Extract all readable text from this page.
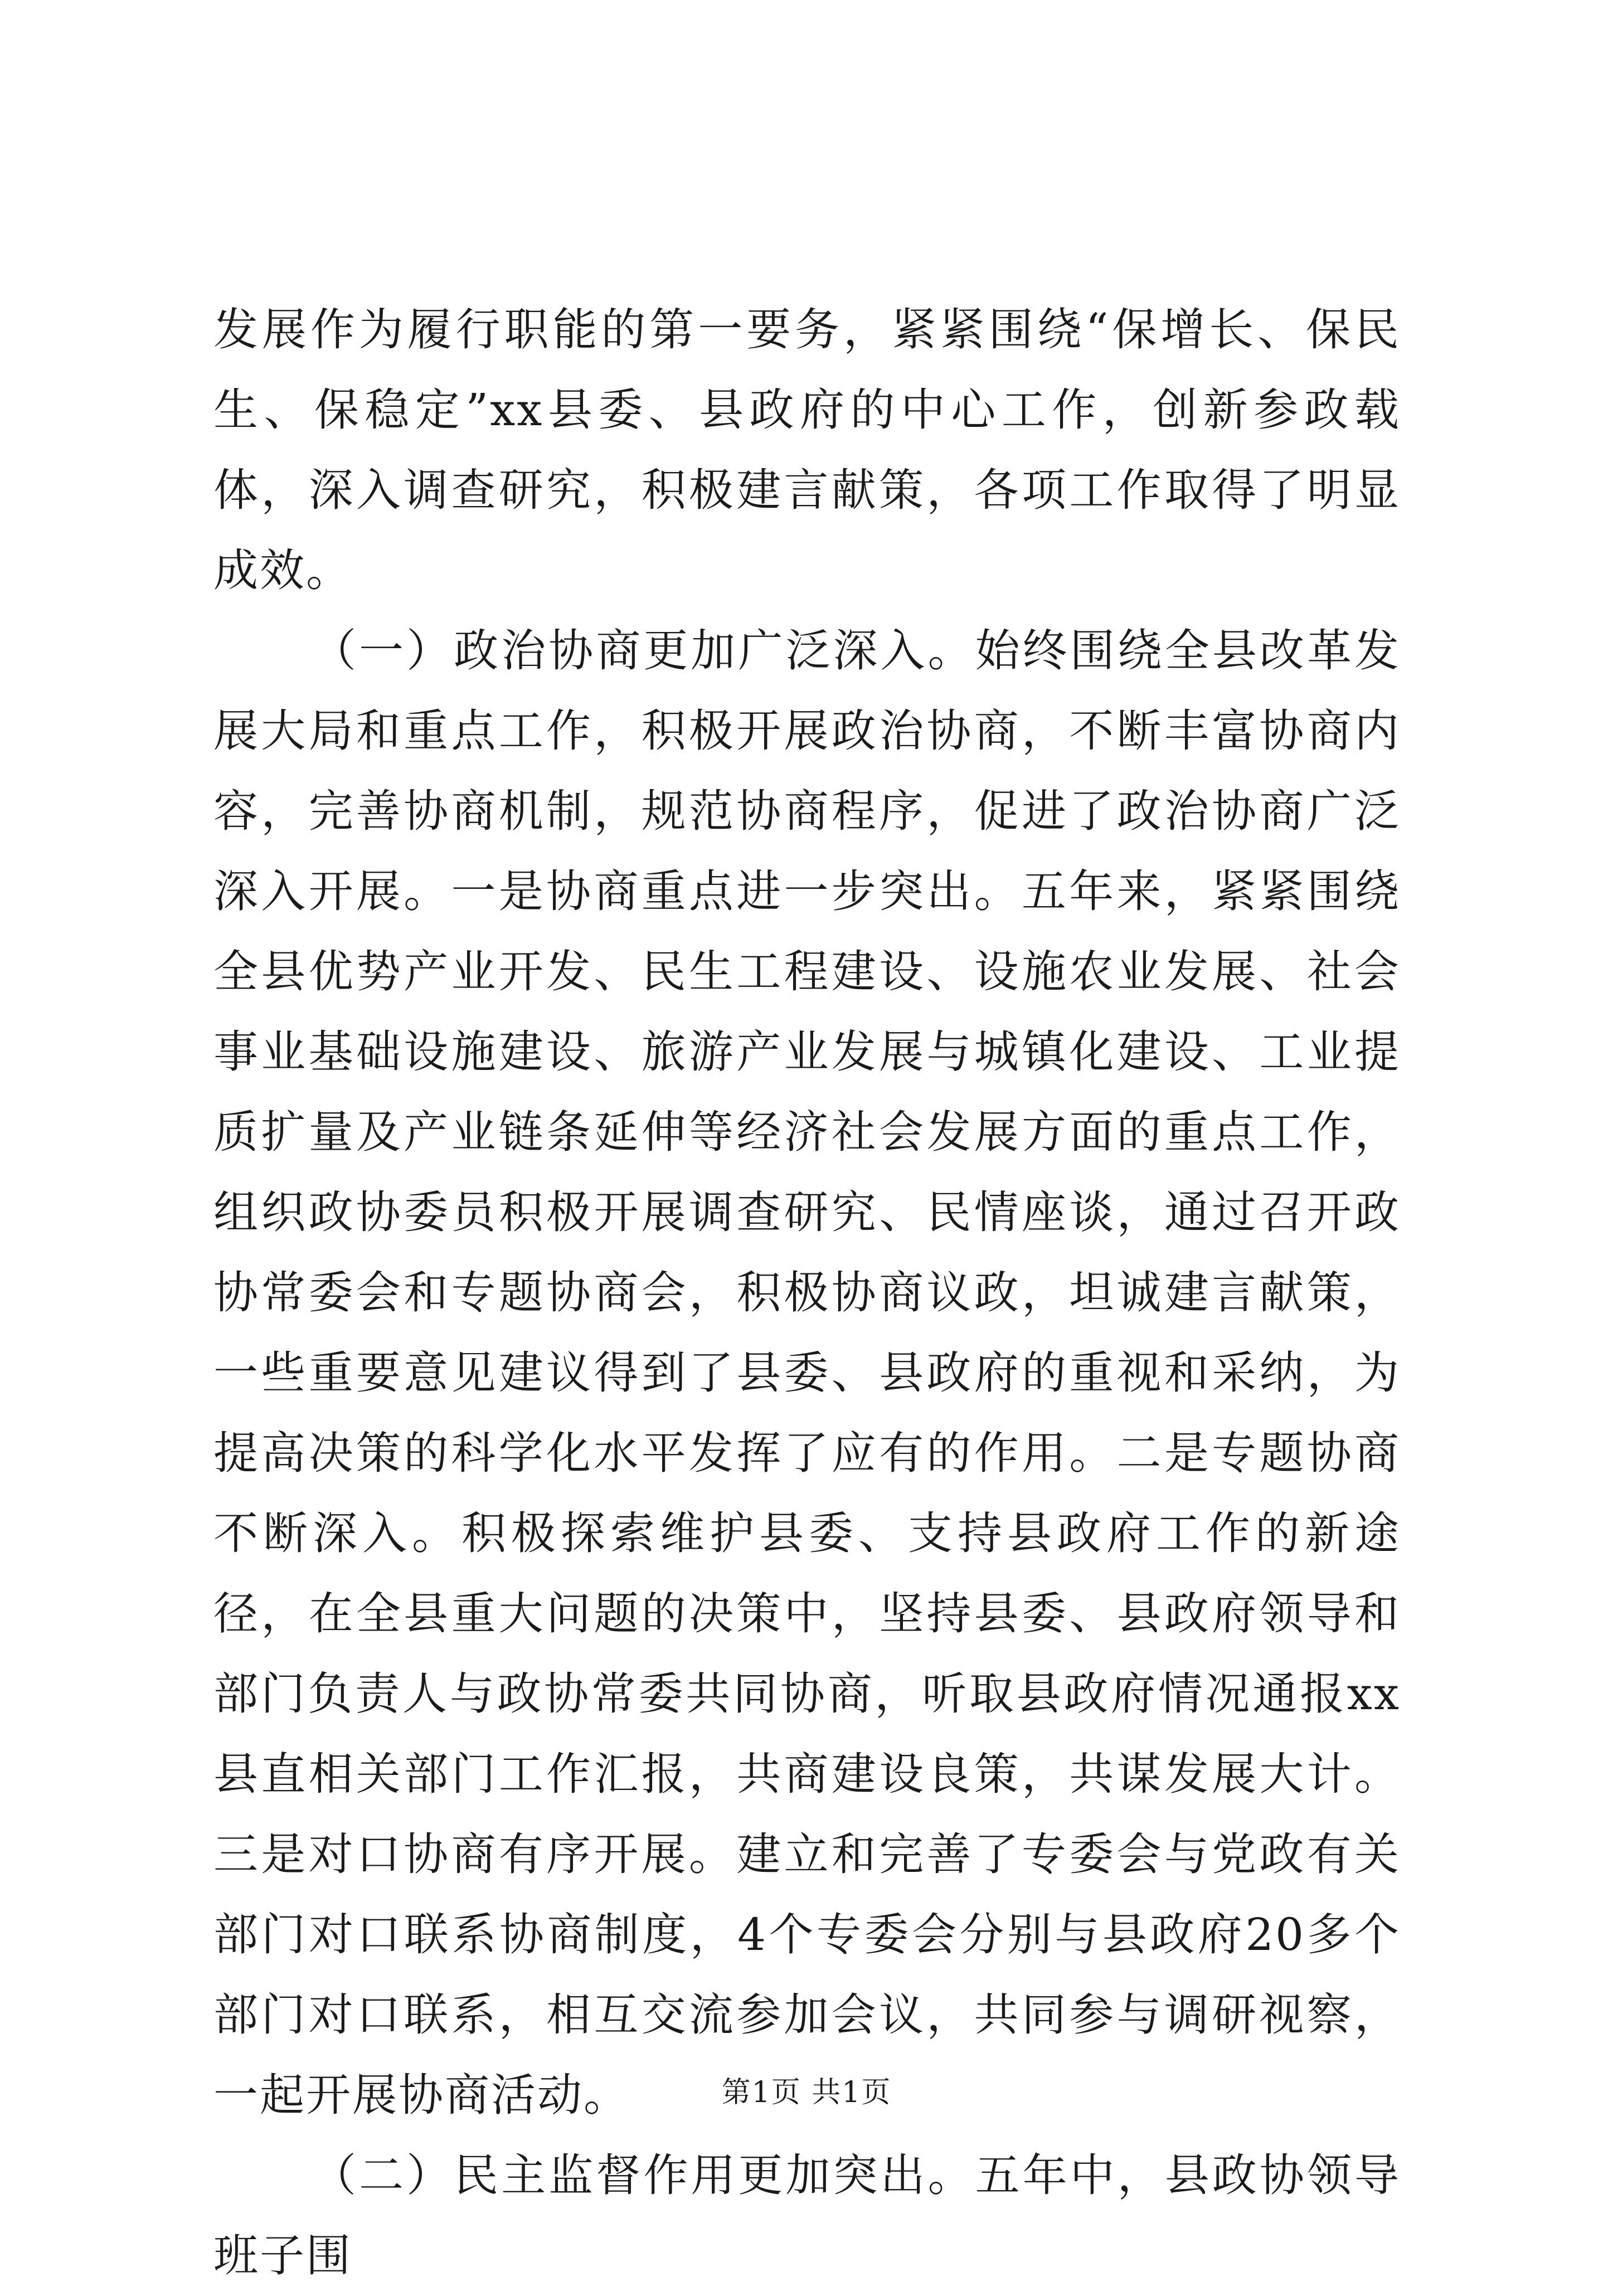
发展作为履行职能的第一要务，紧紧围绕“保增长、保民生、保稳定”xx县委、县政府的中心工作，创新参政载体，深入调查研究，积极建言献策，各项工作取得了明显成效。

（一）政治协商更加广泛深入。始终围绕全县改革发展大局和重点工作，积极开展政治协商，不断丰富协商内容，完善协商机制，规范协商程序，促进了政治协商广泛深入开展。一是协商重点进一步突出。五年来，紧紧围绕全县优势产业开发、民生工程建设、设施农业发展、社会事业基础设施建设、旅游产业发展与城镇化建设、工业提质扩量及产业链条延伸等经济社会发展方面的重点工作，组织政协委员积极开展调查研究、民情座谈，通过召开政协常委会和专题协商会，积极协商议政，坦诚建言献策，一些重要意见建议得到了县委、县政府的重视和采纳，为提高决策的科学化水平发挥了应有的作用。二是专题协商不断深入。积极探索维护县委、支持县政府工作的新途径，在全县重大问题的决策中，坚持县委、县政府领导和部门负责人与政协常委共同协商，听取县政府情况通报xx县直相关部门工作汇报，共商建设良策，共谋发展大计。三是对口协商有序开展。建立和完善了专委会与党政有关部门对口联系协商制度，4个专委会分别与县政府20多个部门对口联系，相互交流参加会议，共同参与调研视察，一起开展协商活动。

（二）民主监督作用更加突出。五年中，县政协领导班子围

第1页 共1页
